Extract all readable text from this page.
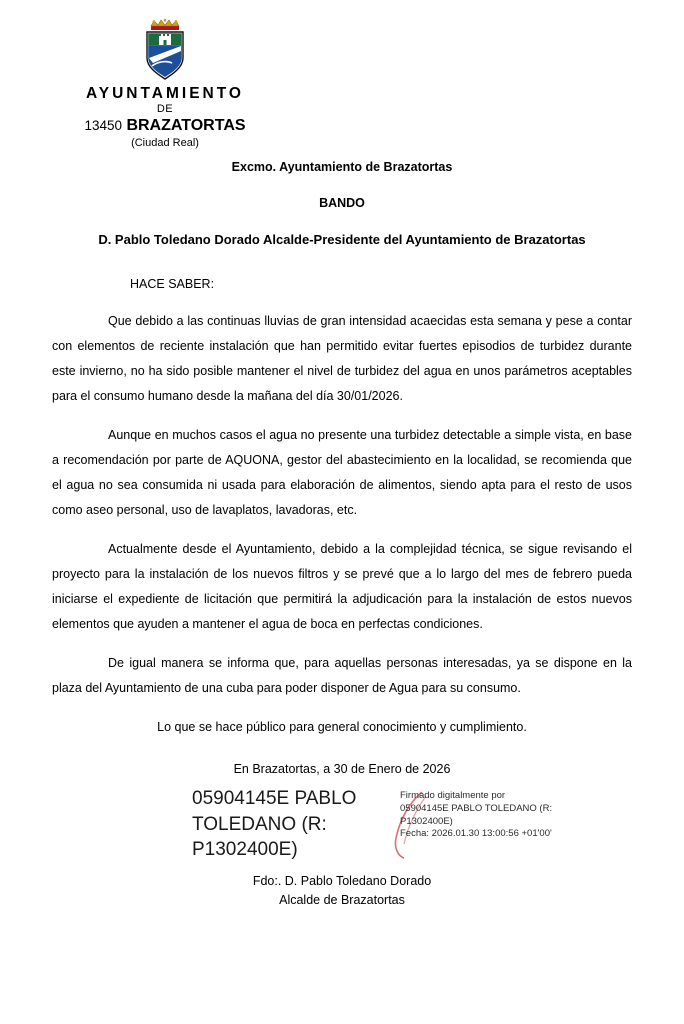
AYUNTAMIENTO
DE
13450 BRAZATORTAS
(Ciudad Real)
Excmo. Ayuntamiento de Brazatortas
BANDO
D. Pablo Toledano Dorado Alcalde-Presidente del Ayuntamiento de Brazatortas
HACE SABER:

Que debido a las continuas lluvias de gran intensidad acaecidas esta semana y pese a contar con elementos de reciente instalación que han permitido evitar fuertes episodios de turbidez durante este invierno, no ha sido posible mantener el nivel de turbidez del agua en unos parámetros aceptables para el consumo humano desde la mañana del día 30/01/2026.

Aunque en muchos casos el agua no presente una turbidez detectable a simple vista, en base a recomendación por parte de AQUONA, gestor del abastecimiento en la localidad, se recomienda que el agua no sea consumida ni usada para elaboración de alimentos, siendo apta para el resto de usos como aseo personal, uso de lavaplatos, lavadoras, etc.

Actualmente desde el Ayuntamiento, debido a la complejidad técnica, se sigue revisando el proyecto para la instalación de los nuevos filtros y se prevé que a lo largo del mes de febrero pueda iniciarse el expediente de licitación que permitirá la adjudicación para la instalación de estos nuevos elementos que ayuden a mantener el agua de boca en perfectas condiciones.

De igual manera se informa que, para aquellas personas interesadas, ya se dispone en la plaza del Ayuntamiento de una cuba para poder disponer de Agua para su consumo.

Lo que se hace público para general conocimiento y cumplimiento.
En Brazatortas, a 30 de Enero de 2026
05904145E PABLO TOLEDANO (R: P1302400E)
Firmado digitalmente por
05904145E PABLO TOLEDANO (R:
P1302400E)
Fecha: 2026.01.30 13:00:56 +01'00'
Fdo:. D. Pablo Toledano Dorado
Alcalde de Brazatortas
